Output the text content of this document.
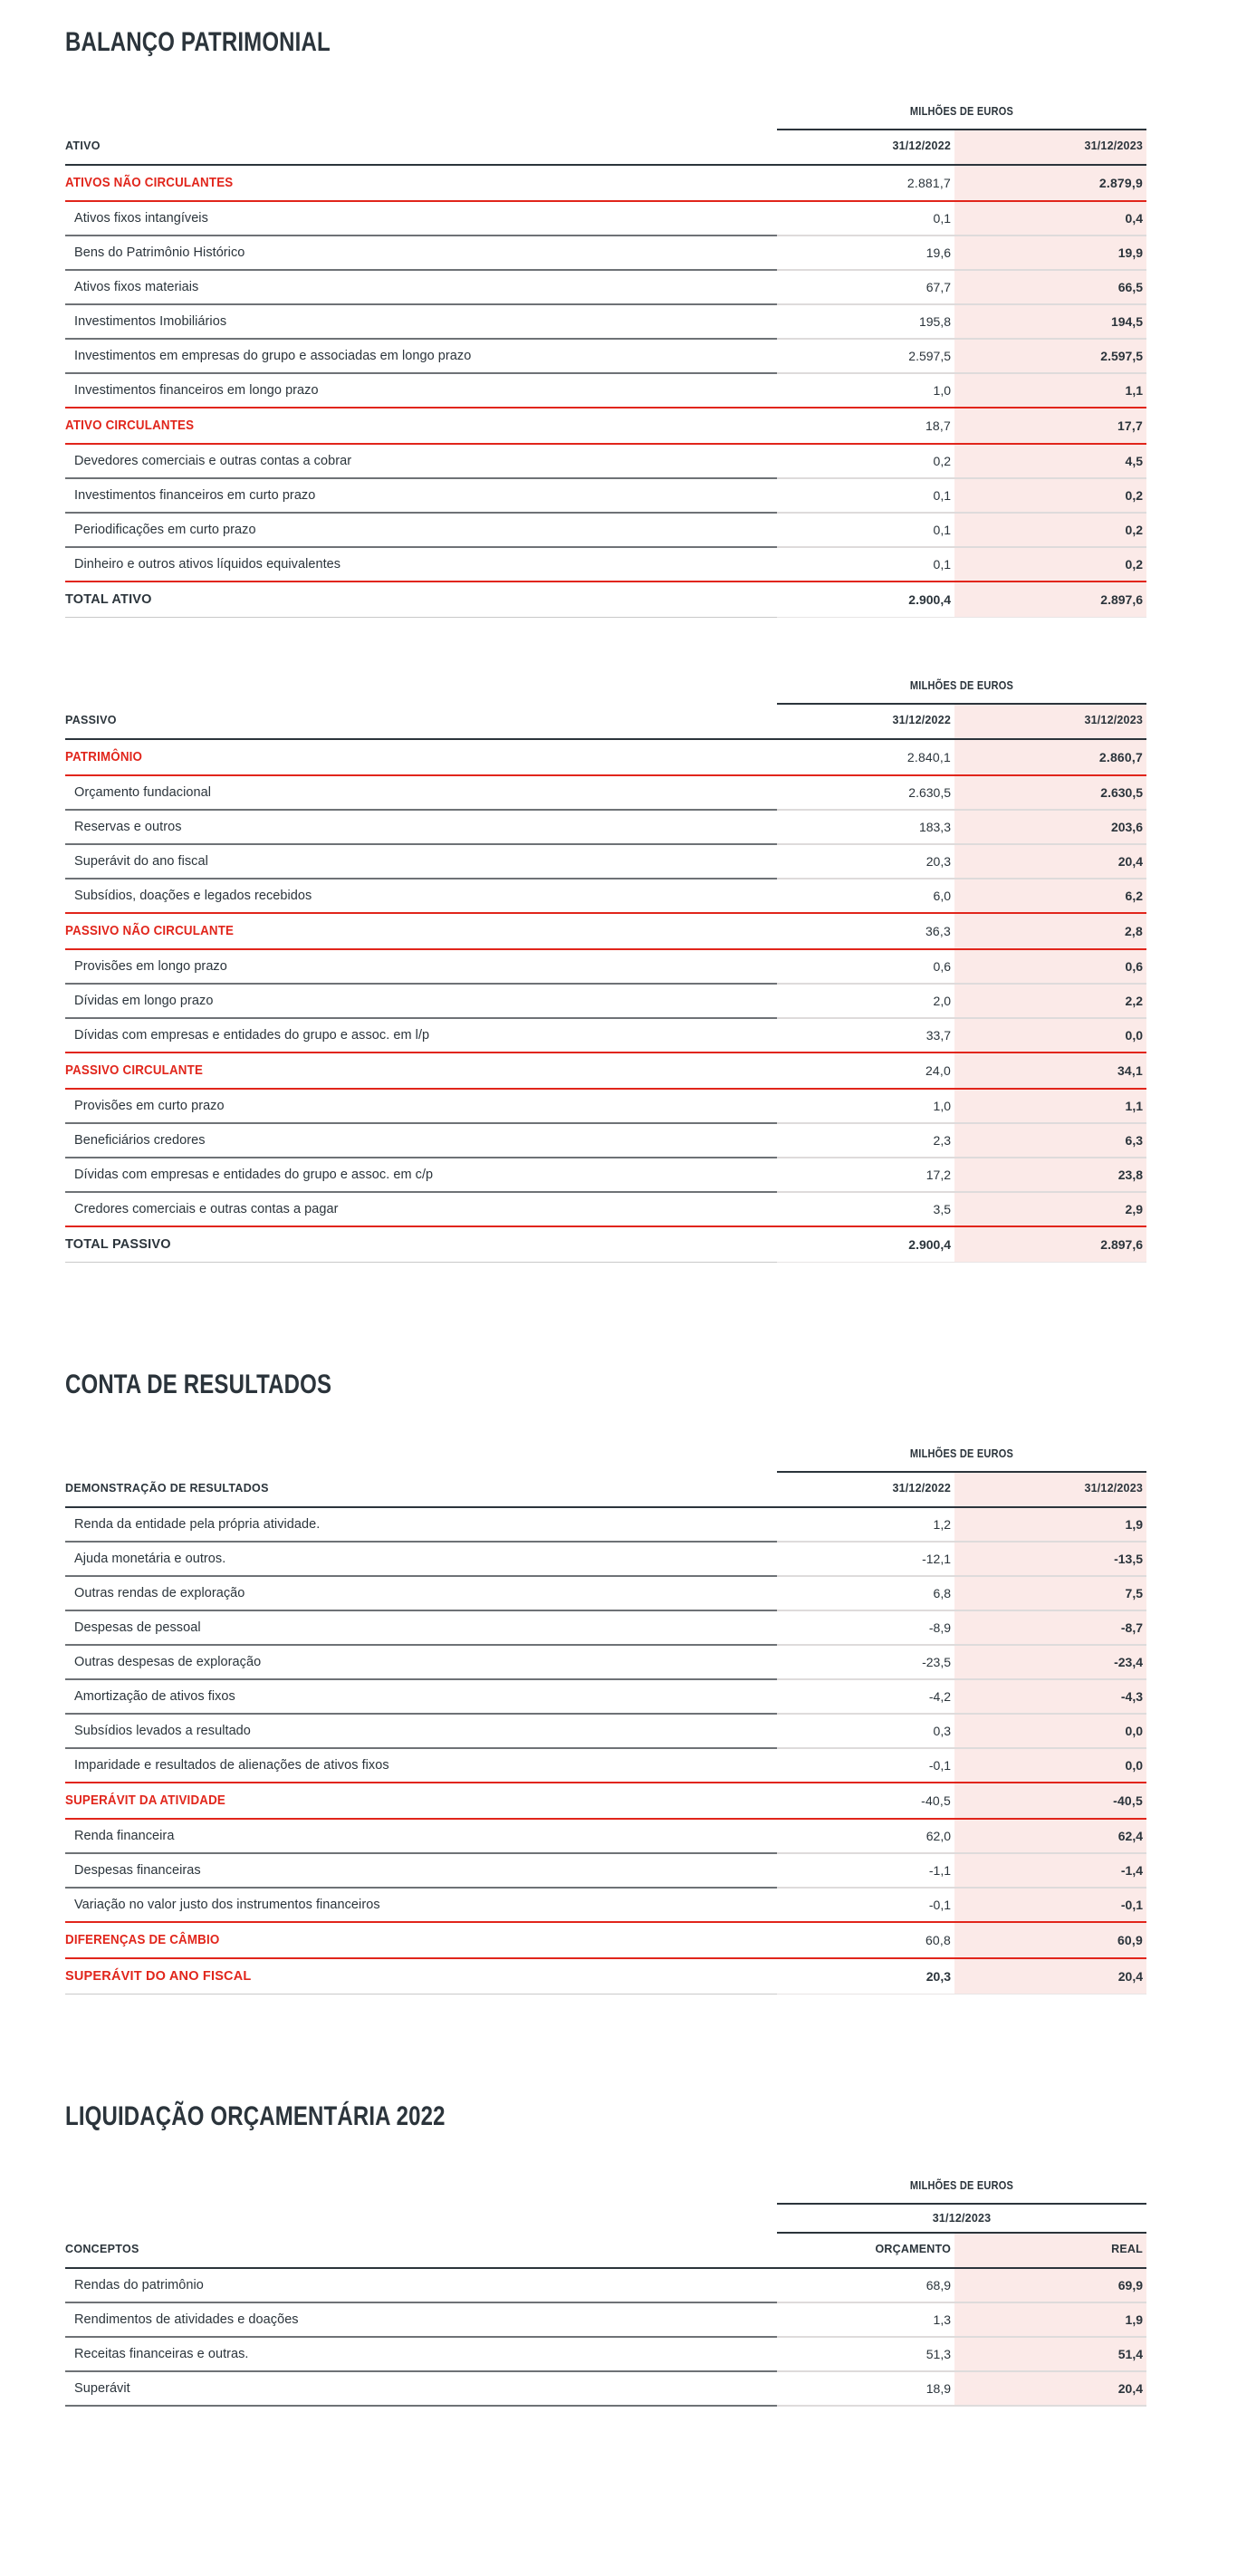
BALANÇO PATRIMONIAL
	MILHÕES DE EUROS	

ATIVO	31/12/2022	31/12/2023

ATIVOS NÃO CIRCULANTES	2.881,7	2.879,9

Ativos fixos intangíveis	0,1	0,4

Bens do Patrimônio Histórico	19,6	19,9

Ativos fixos materiais	67,7	66,5

Investimentos Imobiliários	195,8	194,5

Investimentos em empresas do grupo e associadas em longo prazo	2.597,5	2.597,5

Investimentos financeiros em longo prazo	1,0	1,1

ATIVO CIRCULANTES	18,7	17,7

Devedores comerciais e outras contas a cobrar	0,2	4,5

Investimentos financeiros em curto prazo	0,1	0,2

Periodificações em curto prazo	0,1	0,2

Dinheiro e outros ativos líquidos equivalentes	0,1	0,2

TOTAL ATIVO	2.900,4	2.897,6

	MILHÕES DE EUROS	

PASSIVO	31/12/2022	31/12/2023

PATRIMÔNIO	2.840,1	2.860,7

Orçamento fundacional	2.630,5	2.630,5

Reservas e outros	183,3	203,6

Superávit do ano fiscal	20,3	20,4

Subsídios, doações e legados recebidos	6,0	6,2

PASSIVO NÃO CIRCULANTE	36,3	2,8

Provisões em longo prazo	0,6	0,6

Dívidas em longo prazo	2,0	2,2

Dívidas com empresas e entidades do grupo e assoc. em l/p	33,7	0,0

PASSIVO CIRCULANTE	24,0	34,1

Provisões em curto prazo	1,0	1,1

Beneficiários credores	2,3	6,3

Dívidas com empresas e entidades do grupo e assoc. em c/p	17,2	23,8

Credores comerciais e outras contas a pagar	3,5	2,9

TOTAL PASSIVO	2.900,4	2.897,6

CONTA DE RESULTADOS
	MILHÕES DE EUROS	

DEMONSTRAÇÃO DE RESULTADOS	31/12/2022	31/12/2023

Renda da entidade pela própria atividade.	1,2	1,9

Ajuda monetária e outros.	-12,1	-13,5

Outras rendas de exploração	6,8	7,5

Despesas de pessoal	-8,9	-8,7

Outras despesas de exploração	-23,5	-23,4

Amortização de ativos fixos	-4,2	-4,3

Subsídios levados a resultado	0,3	0,0

Imparidade e resultados de alienações de ativos fixos	-0,1	0,0

SUPERÁVIT DA ATIVIDADE	-40,5	-40,5

Renda financeira	62,0	62,4

Despesas financeiras	-1,1	-1,4

Variação no valor justo dos instrumentos financeiros	-0,1	-0,1

DIFERENÇAS DE CÂMBIO	60,8	60,9

SUPERÁVIT DO ANO FISCAL	20,3	20,4

LIQUIDAÇÃO ORÇAMENTÁRIA 2022
	MILHÕES DE EUROS	

	31/12/2023	

CONCEPTOS	ORÇAMENTO	REAL

Rendas do patrimônio	68,9	69,9

Rendimentos de atividades e doações	1,3	1,9

Receitas financeiras e outras.	51,3	51,4

Superávit	18,9	20,4
